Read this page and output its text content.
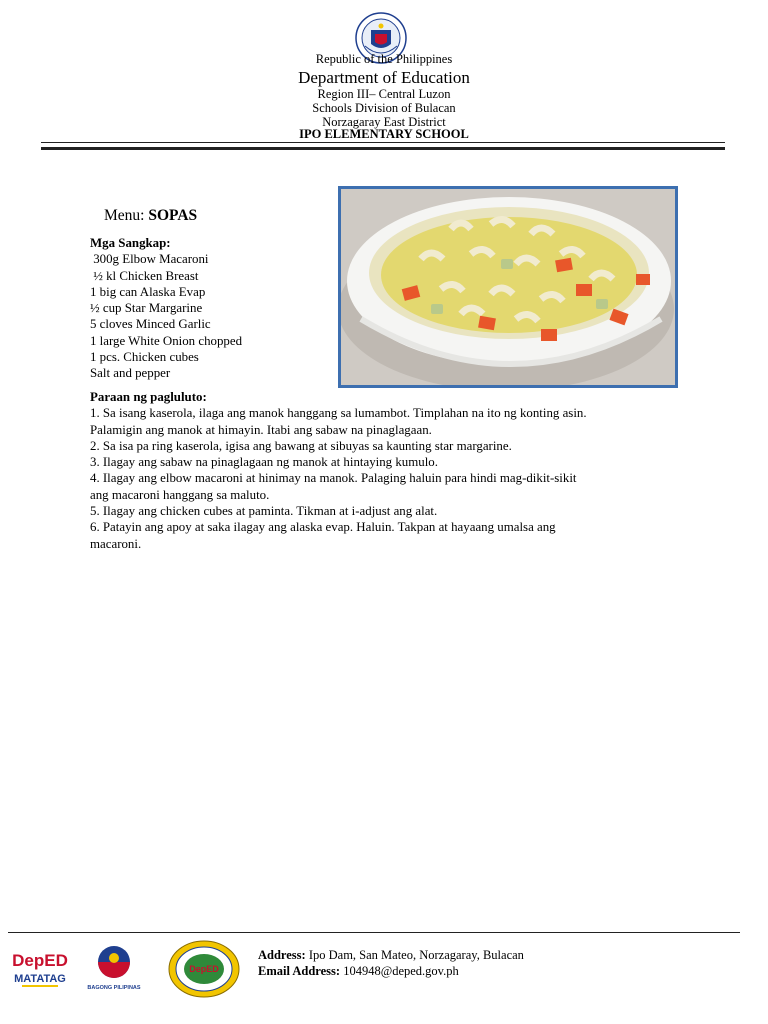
Republic of the Philippines
Department of Education
Region III– Central Luzon
Schools Division of Bulacan
Norzagaray East District
IPO ELEMENTARY SCHOOL
Menu: SOPAS
Mga Sangkap:
300g Elbow Macaroni
½ kl Chicken Breast
1 big can Alaska Evap
½ cup Star Margarine
5 cloves Minced Garlic
1 large White Onion chopped
1 pcs. Chicken cubes
Salt and pepper
Paraan ng pagluluto:
1. Sa isang kaserola, ilaga ang manok hanggang sa lumambot. Timplahan na ito ng konting asin.
Palamigin ang manok at himayin. Itabi ang sabaw na pinaglagaan.
2. Sa isa pa ring kaserola, igisa ang bawang at sibuyas sa kaunting star margarine.
3. Ilagay ang sabaw na pinaglagaan ng manok at hintaying kumulo.
4. Ilagay ang elbow macaroni at hinimay na manok. Palaging haluin para hindi mag-dikit-sikit
ang macaroni hanggang sa maluto.
5. Ilagay ang chicken cubes at paminta. Tikman at i-adjust ang alat.
6. Patayin ang apoy at saka ilagay ang alaska evap. Haluin. Takpan at hayaang umalsa ang
macaroni.
DepED
MATATAG
BAGONG PILIPINAS
DepED
Address: Ipo Dam, San Mateo, Norzagaray, Bulacan
Email Address: 104948@deped.gov.ph
